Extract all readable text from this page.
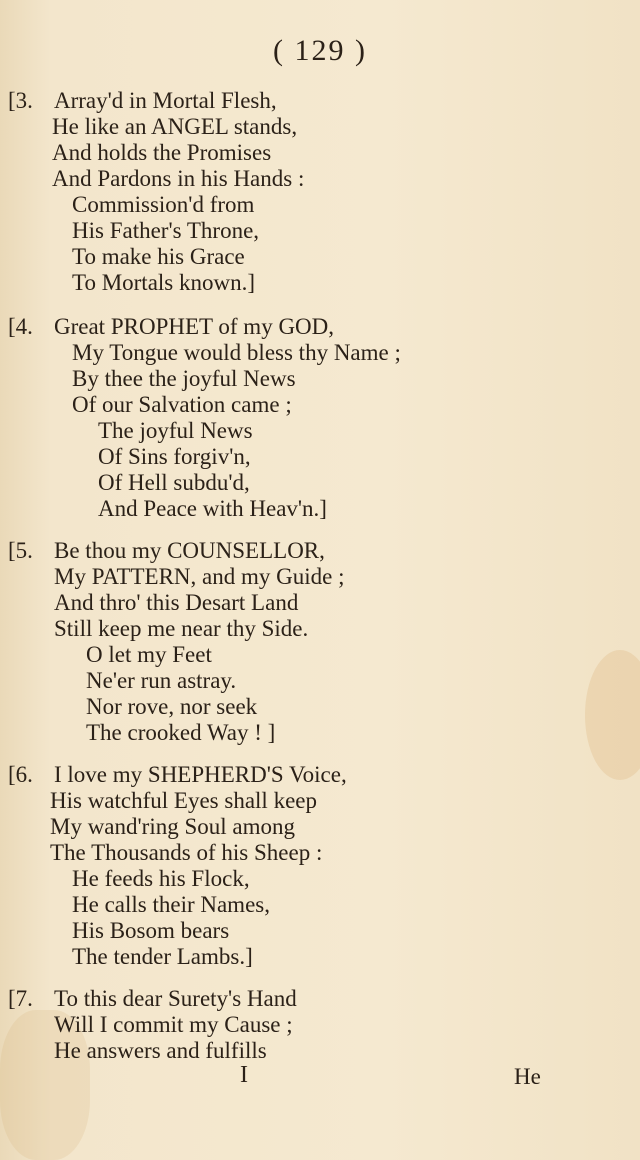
( 129 )
[3. Array'd in Mortal Flesh,
He like an ANGEL stands,
And holds the Promises
And Pardons in his Hands :
Commission'd from
His Father's Throne,
To make his Grace
To Mortals known.]
[4. Great PROPHET of my GOD,
My Tongue would bless thy Name ;
By thee the joyful News
Of our Salvation came ;
The joyful News
Of Sins forgiv'n,
Of Hell subdu'd,
And Peace with Heav'n.]
[5. Be thou my COUNSELLOR,
My PATTERN, and my Guide ;
And thro' this Desart Land
Still keep me near thy Side.
O let my Feet
Ne'er run astray.
Nor rove, nor seek
The crooked Way ! ]
[6. I love my SHEPHERD'S Voice,
His watchful Eyes shall keep
My wand'ring Soul among
The Thousands of his Sheep :
He feeds his Flock,
He calls their Names,
His Bosom bears
The tender Lambs.]
[7. To this dear Surety's Hand
Will I commit my Cause ;
He answers and fulfills
I	He
